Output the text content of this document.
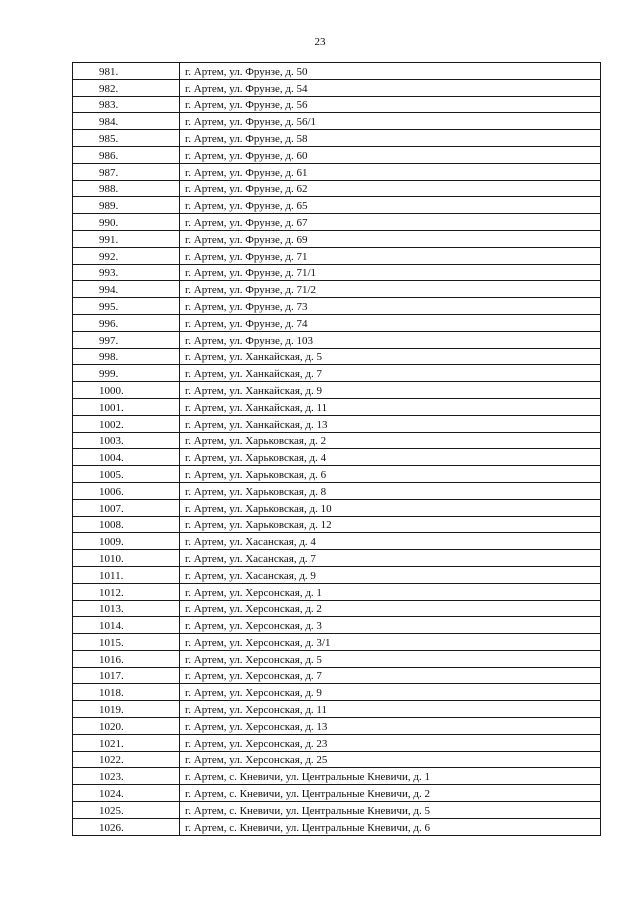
23
981.	г. Артем, ул. Фрунзе, д. 50
982.	г. Артем, ул. Фрунзе, д. 54
983.	г. Артем, ул. Фрунзе, д. 56
984.	г. Артем, ул. Фрунзе, д. 56/1
985.	г. Артем, ул. Фрунзе, д. 58
986.	г. Артем, ул. Фрунзе, д. 60
987.	г. Артем, ул. Фрунзе, д. 61
988.	г. Артем, ул. Фрунзе, д. 62
989.	г. Артем, ул. Фрунзе, д. 65
990.	г. Артем, ул. Фрунзе, д. 67
991.	г. Артем, ул. Фрунзе, д. 69
992.	г. Артем, ул. Фрунзе, д. 71
993.	г. Артем, ул. Фрунзе, д. 71/1
994.	г. Артем, ул. Фрунзе, д. 71/2
995.	г. Артем, ул. Фрунзе, д. 73
996.	г. Артем, ул. Фрунзе, д. 74
997.	г. Артем, ул. Фрунзе, д. 103
998.	г. Артем, ул. Ханкайская, д. 5
999.	г. Артем, ул. Ханкайская, д. 7
1000.	г. Артем, ул. Ханкайская, д. 9
1001.	г. Артем, ул. Ханкайская, д. 11
1002.	г. Артем, ул. Ханкайская, д. 13
1003.	г. Артем, ул. Харьковская, д. 2
1004.	г. Артем, ул. Харьковская, д. 4
1005.	г. Артем, ул. Харьковская, д. 6
1006.	г. Артем, ул. Харьковская, д. 8
1007.	г. Артем, ул. Харьковская, д. 10
1008.	г. Артем, ул. Харьковская, д. 12
1009.	г. Артем, ул. Хасанская, д. 4
1010.	г. Артем, ул. Хасанская, д. 7
1011.	г. Артем, ул. Хасанская, д. 9
1012.	г. Артем, ул. Херсонская, д. 1
1013.	г. Артем, ул. Херсонская, д. 2
1014.	г. Артем, ул. Херсонская, д. 3
1015.	г. Артем, ул. Херсонская, д. 3/1
1016.	г. Артем, ул. Херсонская, д. 5
1017.	г. Артем, ул. Херсонская, д. 7
1018.	г. Артем, ул. Херсонская, д. 9
1019.	г. Артем, ул. Херсонская, д. 11
1020.	г. Артем, ул. Херсонская, д. 13
1021.	г. Артем, ул. Херсонская, д. 23
1022.	г. Артем, ул. Херсонская, д. 25
1023.	г. Артем, с. Кневичи, ул. Центральные Кневичи, д. 1
1024.	г. Артем, с. Кневичи, ул. Центральные Кневичи, д. 2
1025.	г. Артем, с. Кневичи, ул. Центральные Кневичи, д. 5
1026.	г. Артем, с. Кневичи, ул. Центральные Кневичи, д. 6
